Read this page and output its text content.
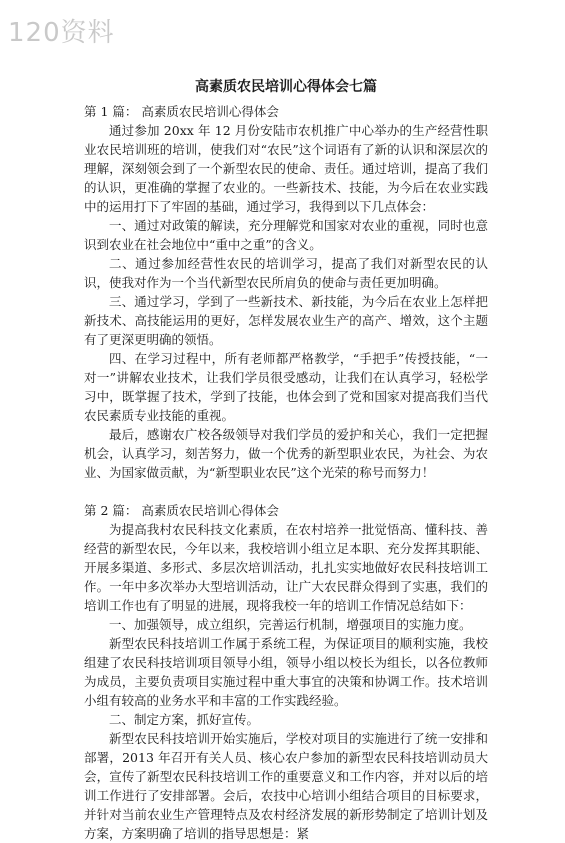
120资料
高素质农民培训心得体会七篇

第 1 篇： 高素质农民培训心得体会

通过参加 20xx 年 12 月份安陆市农机推广中心举办的生产经营性职业农民培训班的培训，使我们对“农民”这个词语有了新的认识和深层次的理解，深刻领会到了一个新型农民的使命、责任。通过培训，提高了我们的认识，更准确的掌握了农业的。一些新技术、技能，为今后在农业实践中的运用打下了牢固的基础，通过学习，我得到以下几点体会：

一、通过对政策的解读，充分理解党和国家对农业的重视，同时也意识到农业在社会地位中“重中之重”的含义。

二、通过参加经营性农民的培训学习，提高了我们对新型农民的认识，使我对作为一个当代新型农民所肩负的使命与责任更加明确。

三、通过学习，学到了一些新技术、新技能，为今后在农业上怎样把新技术、高技能运用的更好，怎样发展农业生产的高产、增效，这个主题有了更深更明确的领悟。

四、在学习过程中，所有老师都严格教学，“手把手”传授技能，“一对一”讲解农业技术，让我们学员很受感动，让我们在认真学习，轻松学习中，既掌握了技术，学到了技能，也体会到了党和国家对提高我们当代农民素质专业技能的重视。

最后，感谢农广校各级领导对我们学员的爱护和关心，我们一定把握机会，认真学习，刻苦努力，做一个优秀的新型职业农民，为社会、为农业、为国家做贡献，为“新型职业农民”这个光荣的称号而努力！

第 2 篇： 高素质农民培训心得体会

为提高我村农民科技文化素质，在农村培养一批觉悟高、懂科技、善经营的新型农民，今年以来，我校培训小组立足本职、充分发挥其职能、开展多渠道、多形式、多层次培训活动，扎扎实实地做好农民科技培训工作。一年中多次举办大型培训活动，让广大农民群众得到了实惠，我们的培训工作也有了明显的进展，现将我校一年的培训工作情况总结如下：

一、加强领导，成立组织，完善运行机制，增强项目的实施力度。

新型农民科技培训工作属于系统工程，为保证项目的顺利实施，我校组建了农民科技培训项目领导小组，领导小组以校长为组长，以各位教师为成员，主要负责项目实施过程中重大事宜的决策和协调工作。技术培训小组有较高的业务水平和丰富的工作实践经验。

二、制定方案，抓好宣传。

新型农民科技培训开始实施后，学校对项目的实施进行了统一安排和部署，2013 年召开有关人员、核心农户参加的新型农民科技培训动员大会，宣传了新型农民科技培训工作的重要意义和工作内容，并对以后的培训工作进行了安排部署。会后，农技中心培训小组结合项目的目标要求，并针对当前农业生产管理特点及农村经济发展的新形势制定了培训计划及方案，方案明确了培训的指导思想是：紧
